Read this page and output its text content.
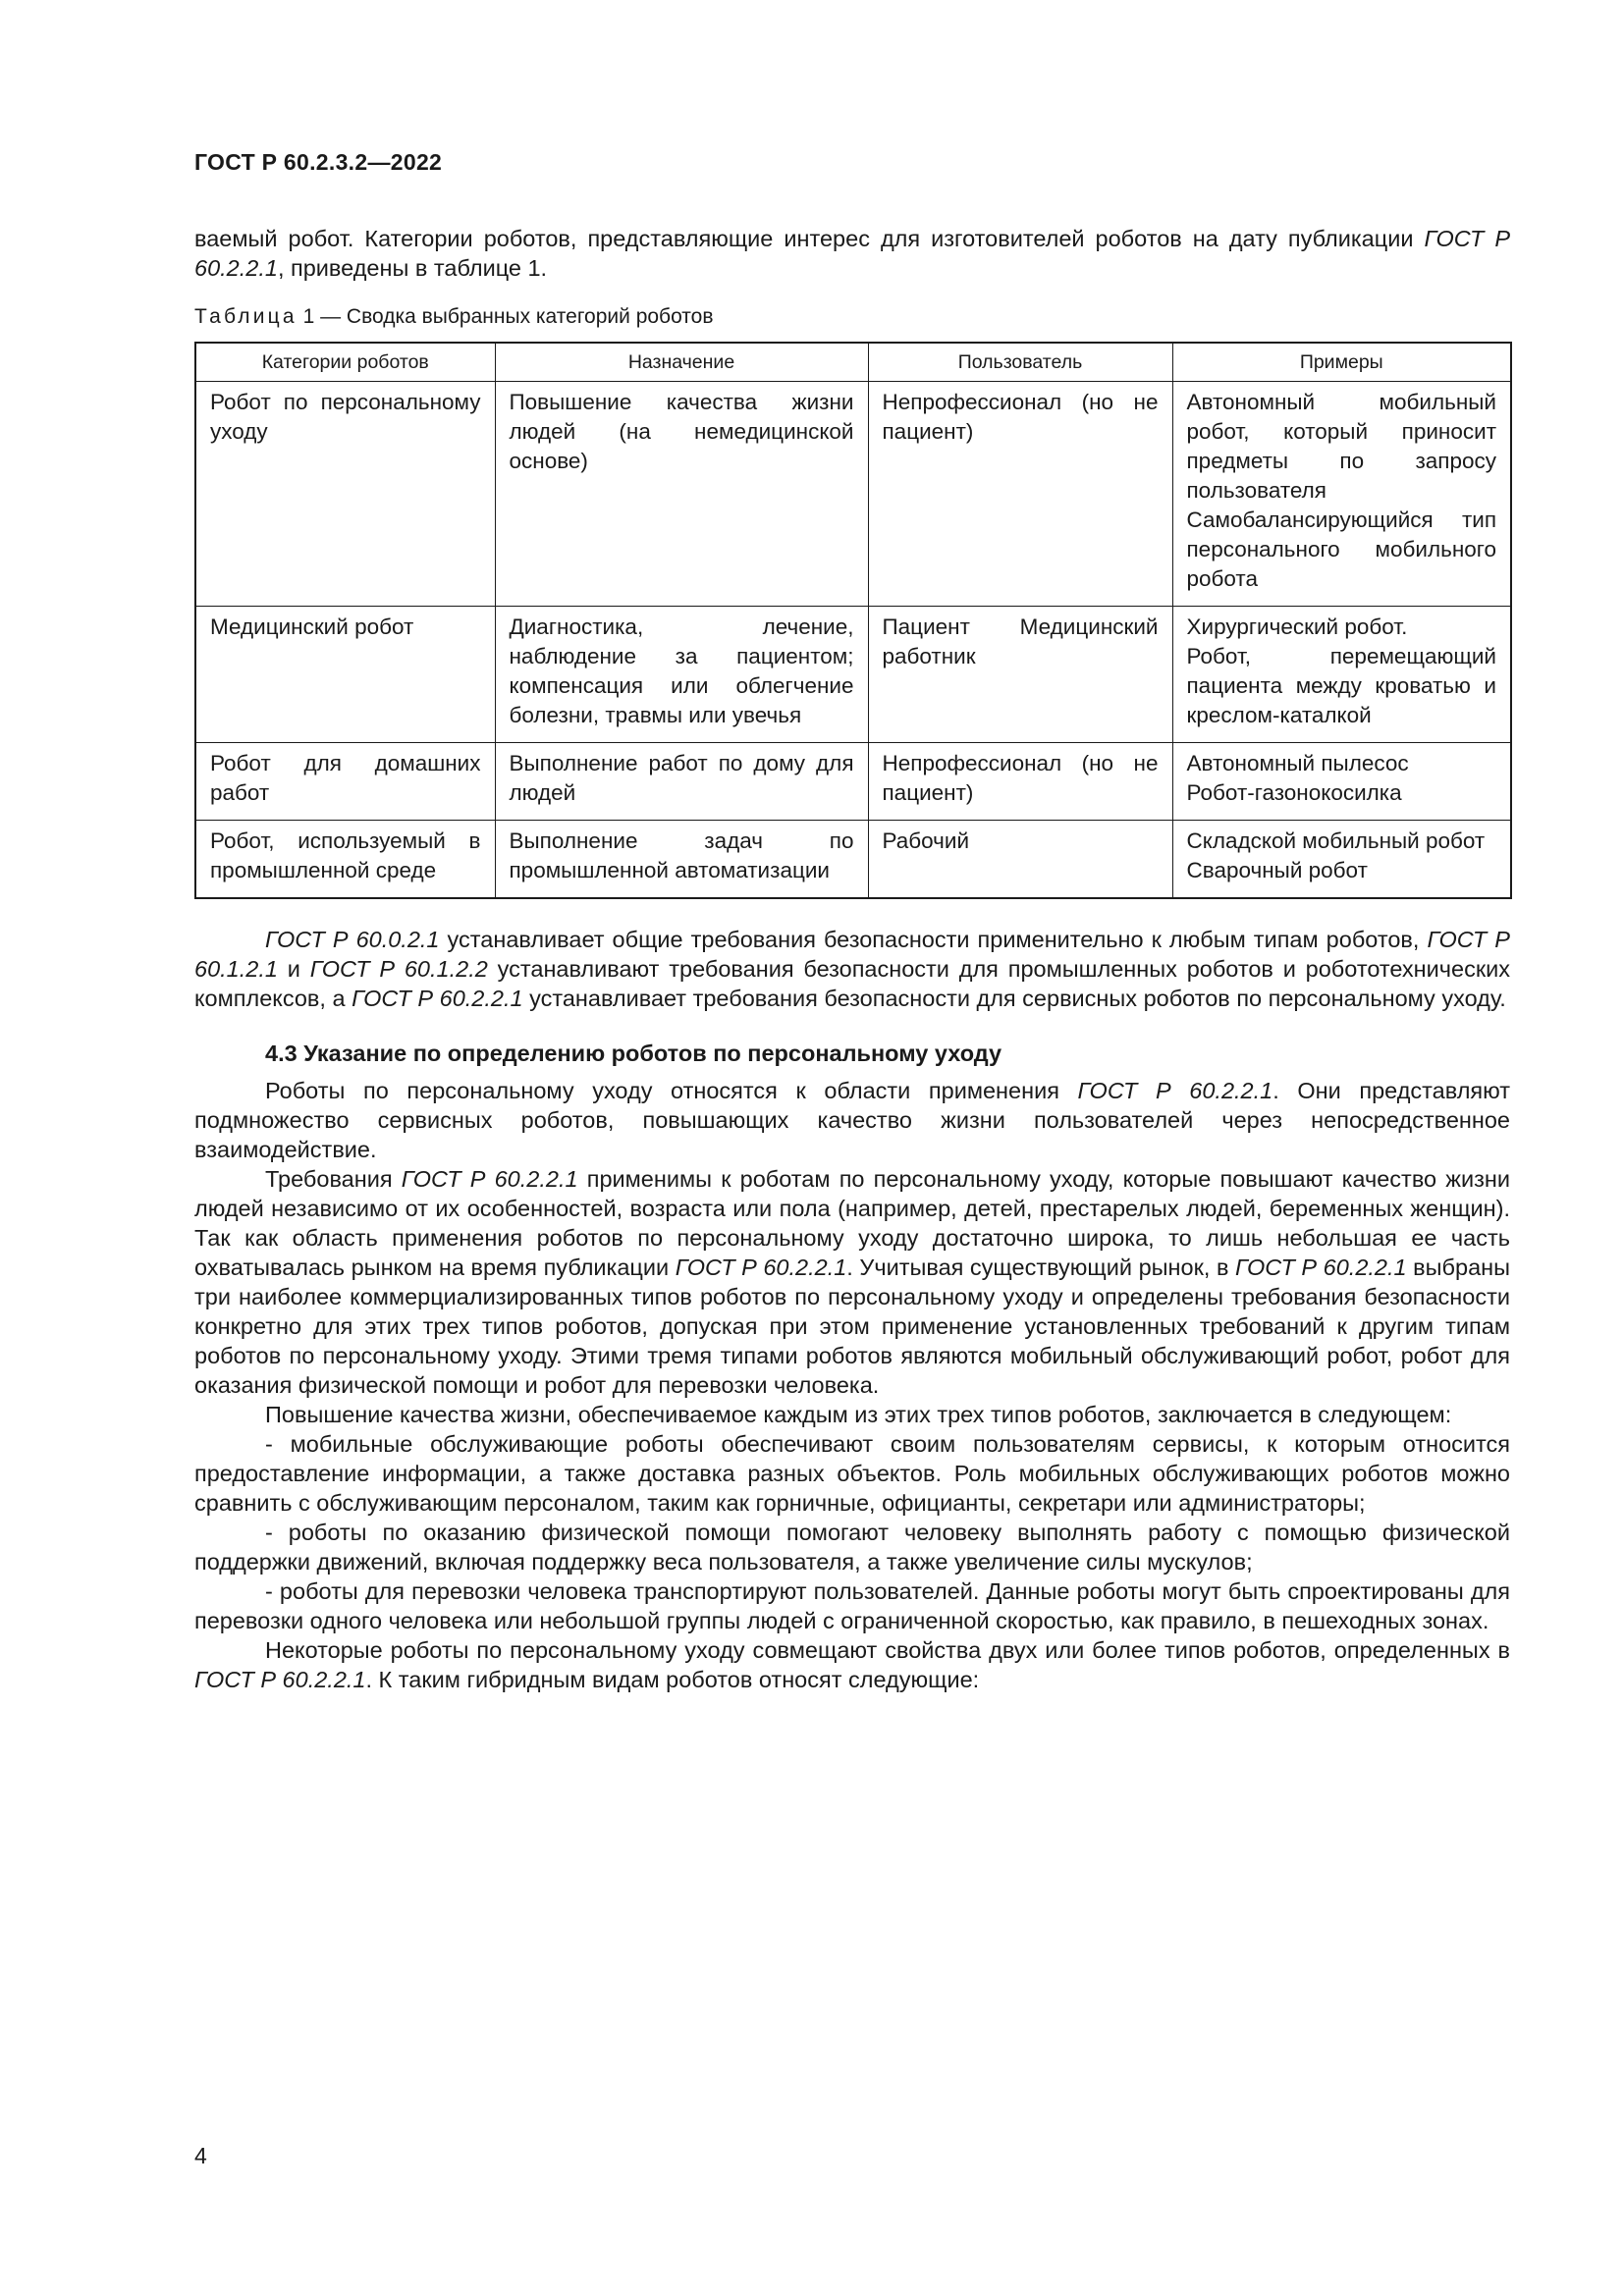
ГОСТ Р 60.2.3.2—2022

ваемый робот. Категории роботов, представляющие интерес для изготовителей роботов на дату публикации ГОСТ Р 60.2.2.1, приведены в таблице 1.

Таблица 1 — Сводка выбранных категорий роботов

Категории роботов	Назначение	Пользователь	Примеры
Робот по персональному уходу	Повышение качества жизни людей (на немедицинской основе)	Непрофессионал (но не пациент)	Автономный мобильный робот, который приносит предметы по запросу пользователя
Самобалансирующийся тип персонального мобильного робота

Медицинский робот	Диагностика, лечение, наблюдение за пациентом; компенсация или облегчение болезни, травмы или увечья	Пациент Медицинский работник	Хирургический робот.
Робот, перемещающий пациента между кроватью и креслом-каталкой

Робот для домашних работ	Выполнение работ по дому для людей	Непрофессионал (но не пациент)	Автономный пылесос
Робот-газонокосилка

Робот, используемый в промышленной среде	Выполнение задач по промышленной автоматизации	Рабочий	Складской мобильный робот
Сварочный робот

ГОСТ Р 60.0.2.1 устанавливает общие требования безопасности применительно к любым типам роботов, ГОСТ Р 60.1.2.1 и ГОСТ Р 60.1.2.2 устанавливают требования безопасности для промышленных роботов и робототехнических комплексов, а ГОСТ Р 60.2.2.1 устанавливает требования безопасности для сервисных роботов по персональному уходу.

4.3 Указание по определению роботов по персональному уходу

Роботы по персональному уходу относятся к области применения ГОСТ Р 60.2.2.1. Они представляют подмножество сервисных роботов, повышающих качество жизни пользователей через непосредственное взаимодействие.

Требования ГОСТ Р 60.2.2.1 применимы к роботам по персональному уходу, которые повышают качество жизни людей независимо от их особенностей, возраста или пола (например, детей, престарелых людей, беременных женщин). Так как область применения роботов по персональному уходу достаточно широка, то лишь небольшая ее часть охватывалась рынком на время публикации ГОСТ Р 60.2.2.1. Учитывая существующий рынок, в ГОСТ Р 60.2.2.1 выбраны три наиболее коммерциализированных типов роботов по персональному уходу и определены требования безопасности конкретно для этих трех типов роботов, допуская при этом применение установленных требований к другим типам роботов по персональному уходу. Этими тремя типами роботов являются мобильный обслуживающий робот, робот для оказания физической помощи и робот для перевозки человека.

Повышение качества жизни, обеспечиваемое каждым из этих трех типов роботов, заключается в следующем:

- мобильные обслуживающие роботы обеспечивают своим пользователям сервисы, к которым относится предоставление информации, а также доставка разных объектов. Роль мобильных обслуживающих роботов можно сравнить с обслуживающим персоналом, таким как горничные, официанты, секретари или администраторы;

- роботы по оказанию физической помощи помогают человеку выполнять работу с помощью физической поддержки движений, включая поддержку веса пользователя, а также увеличение силы мускулов;

- роботы для перевозки человека транспортируют пользователей. Данные роботы могут быть спроектированы для перевозки одного человека или небольшой группы людей с ограниченной скоростью, как правило, в пешеходных зонах.

Некоторые роботы по персональному уходу совмещают свойства двух или более типов роботов, определенных в ГОСТ Р 60.2.2.1. К таким гибридным видам роботов относят следующие:

4
